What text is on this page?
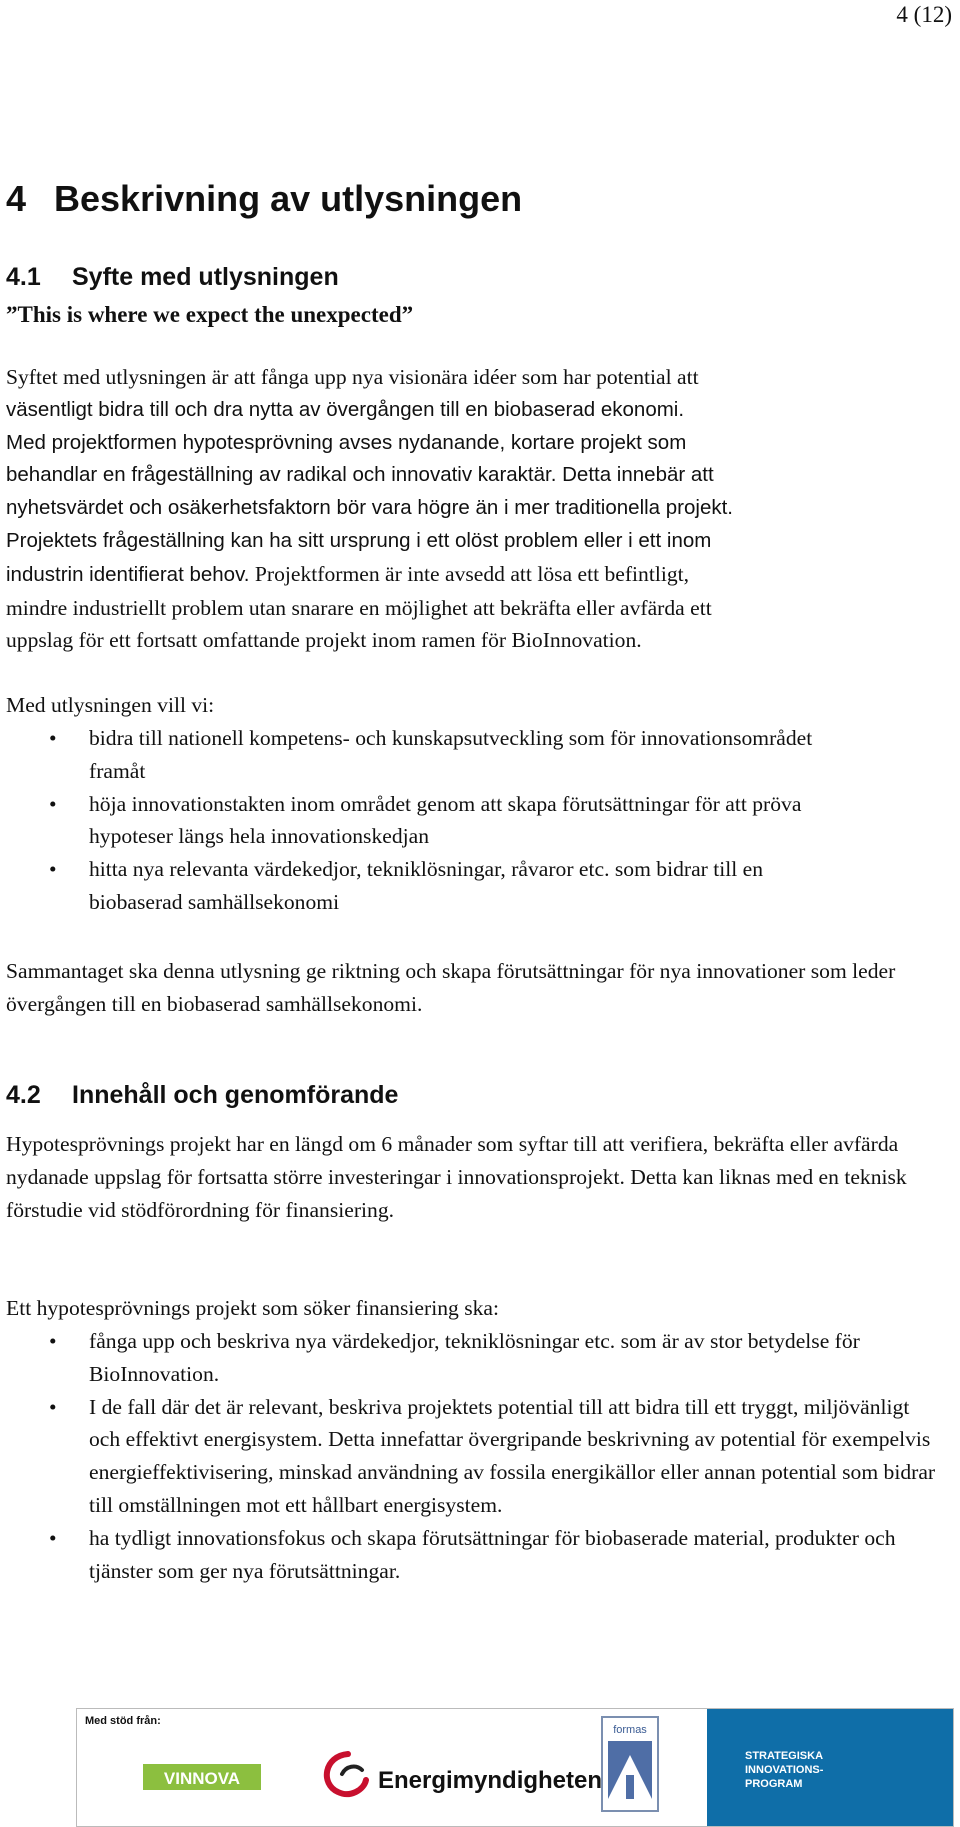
4 (12)
4 Beskrivning av utlysningen
4.1 Syfte med utlysningen

”This is where we expect the unexpected”

Syftet med utlysningen är att fånga upp nya visionära idéer som har potential att
väsentligt bidra till och dra nytta av övergången till en biobaserad ekonomi.
Med projektformen hypotesprövning avses nydanande, kortare projekt som
behandlar en frågeställning av radikal och innovativ karaktär. Detta innebär att
nyhetsvärdet och osäkerhetsfaktorn bör vara högre än i mer traditionella projekt.
Projektets frågeställning kan ha sitt ursprung i ett olöst problem eller i ett inom
industrin identifierat behov. Projektformen är inte avsedd att lösa ett befintligt,
mindre industriellt problem utan snarare en möjlighet att bekräfta eller avfärda ett
uppslag för ett fortsatt omfattande projekt inom ramen för BioInnovation.

Med utlysningen vill vi:

• bidra till nationell kompetens- och kunskapsutveckling som för innovationsområdet framåt
• höja innovationstakten inom området genom att skapa förutsättningar för att pröva hypoteser längs hela innovationskedjan
• hitta nya relevanta värdekedjor, tekniklösningar, råvaror etc. som bidrar till en biobaserad samhällsekonomi

Sammantaget ska denna utlysning ge riktning och skapa förutsättningar för nya innovationer som leder övergången till en biobaserad samhällsekonomi.

4.2 Innehåll och genomförande

Hypotesprövnings projekt har en längd om 6 månader som syftar till att verifiera, bekräfta eller avfärda nydanade uppslag för fortsatta större investeringar i innovationsprojekt. Detta kan liknas med en teknisk förstudie vid stödförordning för finansiering.

Ett hypotesprövnings projekt som söker finansiering ska:

• fånga upp och beskriva nya värdekedjor, tekniklösningar etc. som är av stor betydelse för BioInnovation.
• I de fall där det är relevant, beskriva projektets potential till att bidra till ett tryggt, miljövänligt och effektivt energisystem. Detta innefattar övergripande beskrivning av potential för exempelvis energieffektivisering, minskad användning av fossila energikällor eller annan potential som bidrar till omställningen mot ett hållbart energisystem.
• ha tydligt innovationsfokus och skapa förutsättningar för biobaserade material, produkter och tjänster som ger nya förutsättningar.
Med stöd från:
VINNOVA	Energimyndigheten
formas
STRATEGISKA
INNOVATIONS-
PROGRAM
